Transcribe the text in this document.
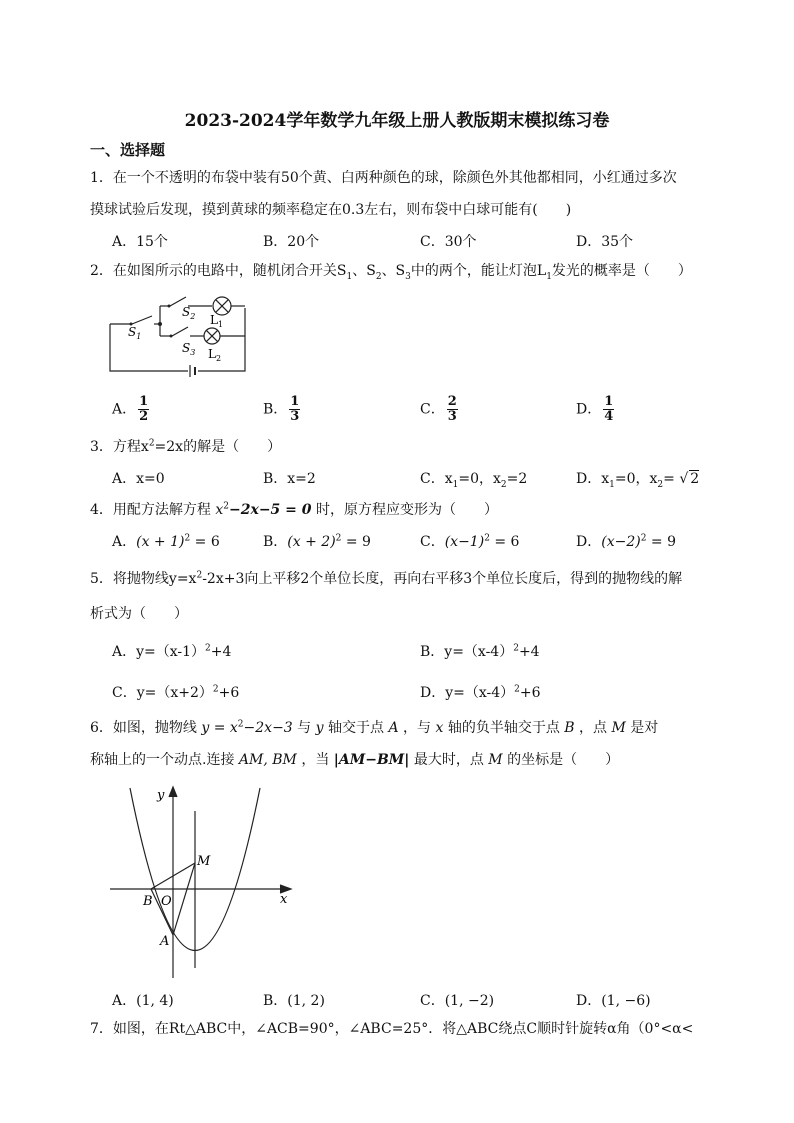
2023-2024学年数学九年级上册人教版期末模拟练习卷
一、选择题
1．在一个不透明的布袋中装有50个黄、白两种颜色的球，除颜色外其他都相同，小红通过多次
摸球试验后发现，摸到黄球的频率稳定在0.3左右，则布袋中白球可能有(　　)
A．15个	B．20个	C．30个	D．35个
2．在如图所示的电路中，随机闭合开关$S_1$、$S_2$、$S_3$中的两个，能让灯泡$L_1$发光的概率是（　　）
$S_1$
$S_2$ $L_1$
$S_3$ $L_2$
A． $\frac{1}{2}$	B． $\frac{1}{3}$	C． $\frac{2}{3}$	D． $\frac{1}{4}$
3．方程$x^2=2x$的解是（　　）
A．x=0	B．x=2	C．$x_1=0$，$x_2=2$	D．$x_1=0$，$x_2=$ √ 2
4．用配方法解方程 $x^2-2x-5 = 0$ 时，原方程应变形为（　　）
A．$(x + 1)^2 = 6$	B．$(x + 2)^2 = 9$	C．$(x-1)^2 = 6$	D．$(x-2)^2 = 9$
5．将抛物线$y=x^2-2x+3$向上平移2个单位长度，再向右平移3个单位长度后，得到的抛物线的解
析式为（　　）
A．$y=(x-1)^2+4$	B．$y=(x-4)^2+4$
C．$y=(x+2)^2+6$	D．$y=(x-4)^2+6$
6．如图，抛物线 $y = x^2-2x-3$ 与 y 轴交于点 A ，与 x 轴的负半轴交于点 B ，点 M 是对
称轴上的一个动点.连接 AM, BM ，当 |AM−BM| 最大时，点 M 的坐标是（　　）
y
x
M
B O
A
A．(1, 4)	B．(1, 2)	C．(1, −2)	D．(1, −6)
7．如图，在Rt△ABC中，∠ACB=90°，∠ABC=25°．将△ABC绕点C顺时针旋转α角（0°<α<
